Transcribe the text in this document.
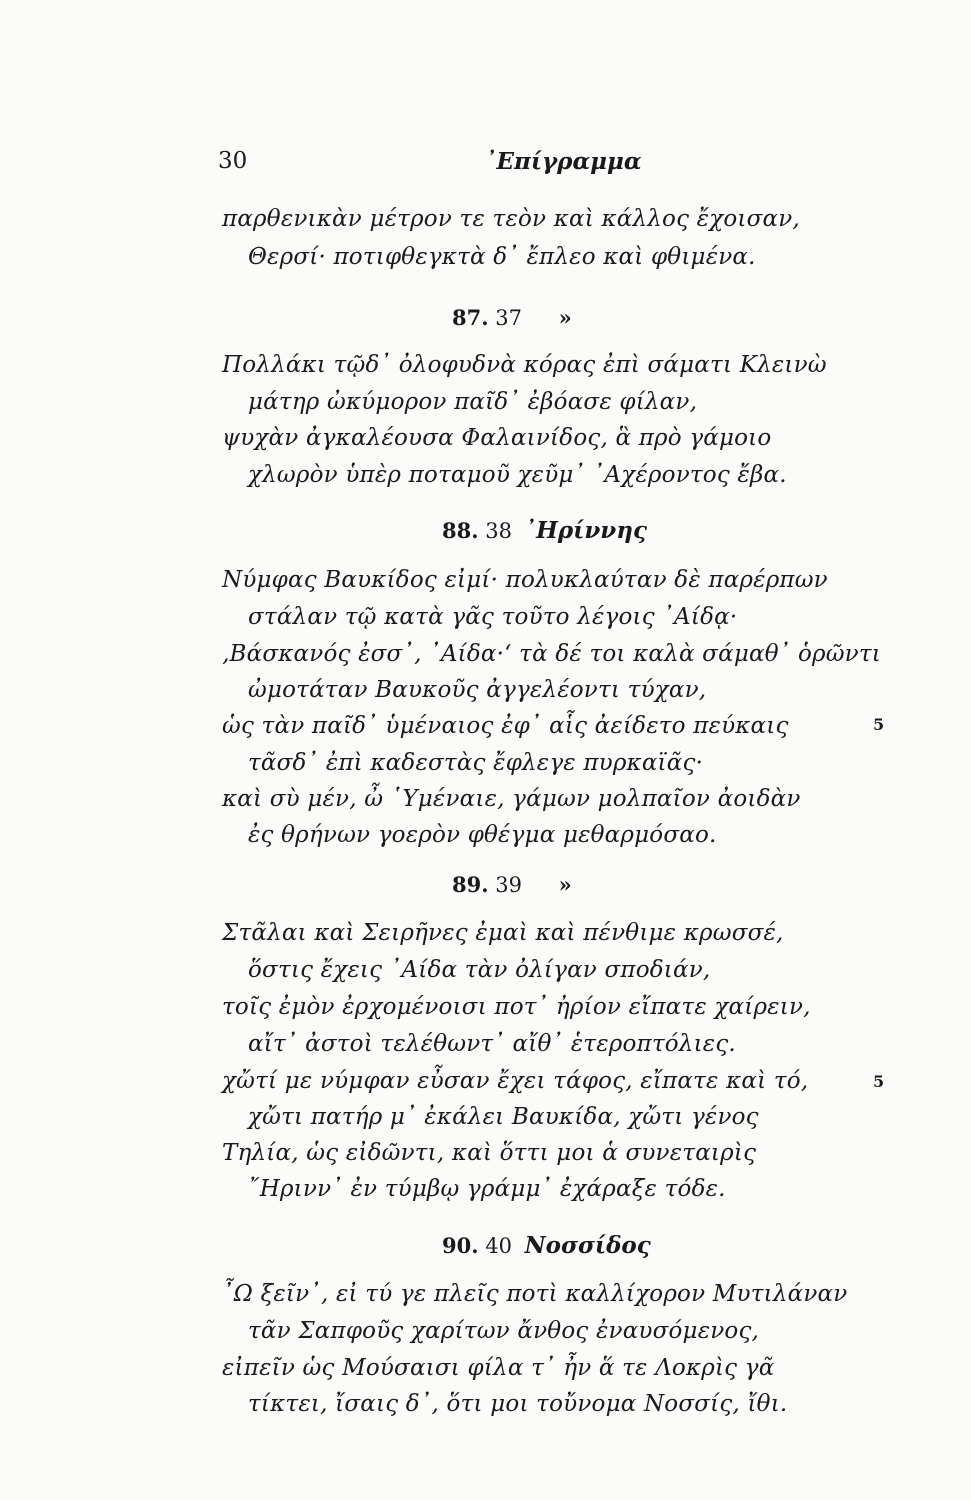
30	᾿Επίγραμμα
παρθενικὰν μέτρον τε τεὸν καὶ κάλλος ἔχοισαν,
Θερσί· ποτιφθεγκτὰ δ᾽ ἔπλεο καὶ φθιμένα.
87. 37 »
Πολλάκι τῷδ᾽ ὀλοφυδνὰ κόρας ἐπὶ σάματι Κλεινὼ
μάτηρ ὠκύμορον παῖδ᾽ ἐβόασε φίλαν,
ψυχὰν ἀγκαλέουσα Φαλαινίδος, ἃ πρὸ γάμοιο
χλωρὸν ὑπὲρ ποταμοῦ χεῦμ᾽ ᾿Αχέροντος ἔβα.
88. 38 ᾿Ηρίννης
Νύμφας Βαυκίδος εἰμί· πολυκλαύταν δὲ παρέρπων
στάλαν τῷ κατὰ γᾶς τοῦτο λέγοις ᾿Αίδᾳ·
‚Βάσκανός ἐσσ᾽, ᾿Αίδα·‘ τὰ δέ τοι καλὰ σάμαθ᾽ ὁρῶντι
ὠμοτάταν Βαυκοῦς ἀγγελέοντι τύχαν,
ὡς τὰν παῖδ᾽ ὑμέναιος ἐφ᾽ αἷς ἀείδετο πεύκαις
τᾶσδ᾽ ἐπὶ καδεστὰς ἔφλεγε πυρκαϊᾶς·
καὶ σὺ μέν, ὦ ῾Υμέναιε, γάμων μολπαῖον ἀοιδὰν
ἐς θρήνων γοερὸν φθέγμα μεθαρμόσαο.
5
89. 39 »
Στᾶλαι καὶ Σειρῆνες ἐμαὶ καὶ πένθιμε κρωσσέ,
ὅστις ἔχεις ᾿Αίδα τὰν ὀλίγαν σποδιάν,
τοῖς ἐμὸν ἐρχομένοισι ποτ᾽ ἠρίον εἴπατε χαίρειν,
αἴτ᾽ ἀστοὶ τελέθωντ᾽ αἴθ᾽ ἑτεροπτόλιες.
χὤτί με νύμφαν εὖσαν ἔχει τάφος, εἴπατε καὶ τό,
χὤτι πατήρ μ᾽ ἐκάλει Βαυκίδα, χὤτι γένος
Τηλία, ὡς εἰδῶντι, καὶ ὅττι μοι ἁ συνεταιρὶς
῎Ηρινν᾽ ἐν τύμβῳ γράμμ᾽ ἐχάραξε τόδε.
5
90. 40 Νοσσίδος
῏Ω ξεῖν᾽, εἰ τύ γε πλεῖς ποτὶ καλλίχορον Μυτιλάναν
τᾶν Σαπφοῦς χαρίτων ἄνθος ἐναυσόμενος,
εἰπεῖν ὡς Μούσαισι φίλα τ᾽ ἦν ἅ τε Λοκρὶς γᾶ
τίκτει, ἴσαις δ᾽, ὅτι μοι τοὔνομα Νοσσίς, ἴθι.
